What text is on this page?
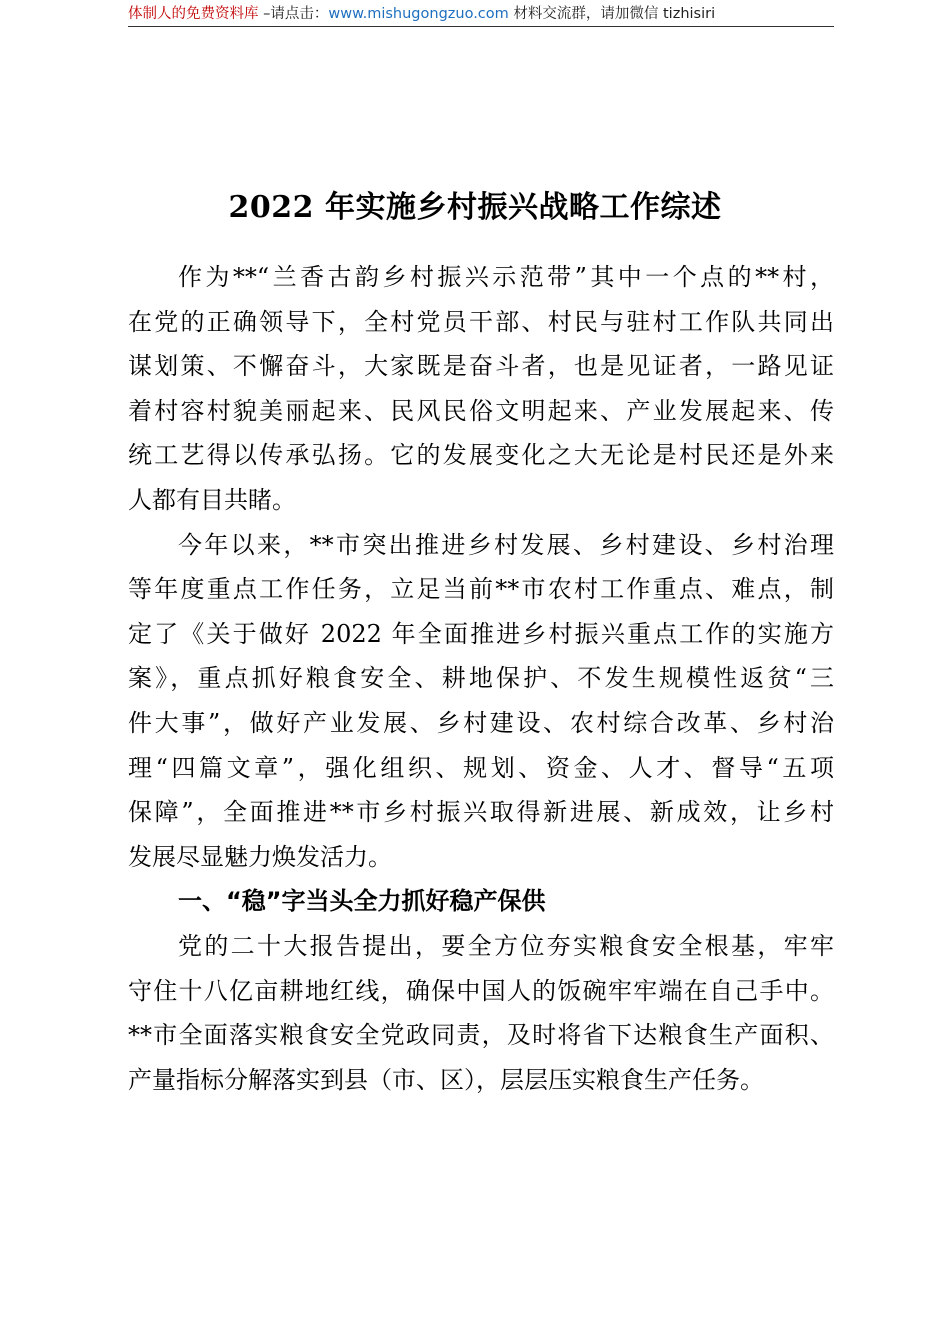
体制人的免费资料库 –请点击：www.mishugongzuo.com 材料交流群，请加微信 tizhisiri
2022 年实施乡村振兴战略工作综述
作为**“兰香古韵乡村振兴示范带”其中一个点的**村，
在党的正确领导下，全村党员干部、村民与驻村工作队共同出
谋划策、不懈奋斗，大家既是奋斗者，也是见证者，一路见证
着村容村貌美丽起来、民风民俗文明起来、产业发展起来、传
统工艺得以传承弘扬。它的发展变化之大无论是村民还是外来
人都有目共睹。
今年以来，**市突出推进乡村发展、乡村建设、乡村治理
等年度重点工作任务，立足当前**市农村工作重点、难点，制
定了《关于做好 2022 年全面推进乡村振兴重点工作的实施方
案》，重点抓好粮食安全、耕地保护、不发生规模性返贫“三
件大事”，做好产业发展、乡村建设、农村综合改革、乡村治
理“四篇文章”，强化组织、规划、资金、人才、督导“五项
保障”，全面推进**市乡村振兴取得新进展、新成效，让乡村
发展尽显魅力焕发活力。
一、“稳”字当头全力抓好稳产保供
党的二十大报告提出，要全方位夯实粮食安全根基，牢牢
守住十八亿亩耕地红线，确保中国人的饭碗牢牢端在自己手中。
**市全面落实粮食安全党政同责，及时将省下达粮食生产面积、
产量指标分解落实到县（市、区），层层压实粮食生产任务。
